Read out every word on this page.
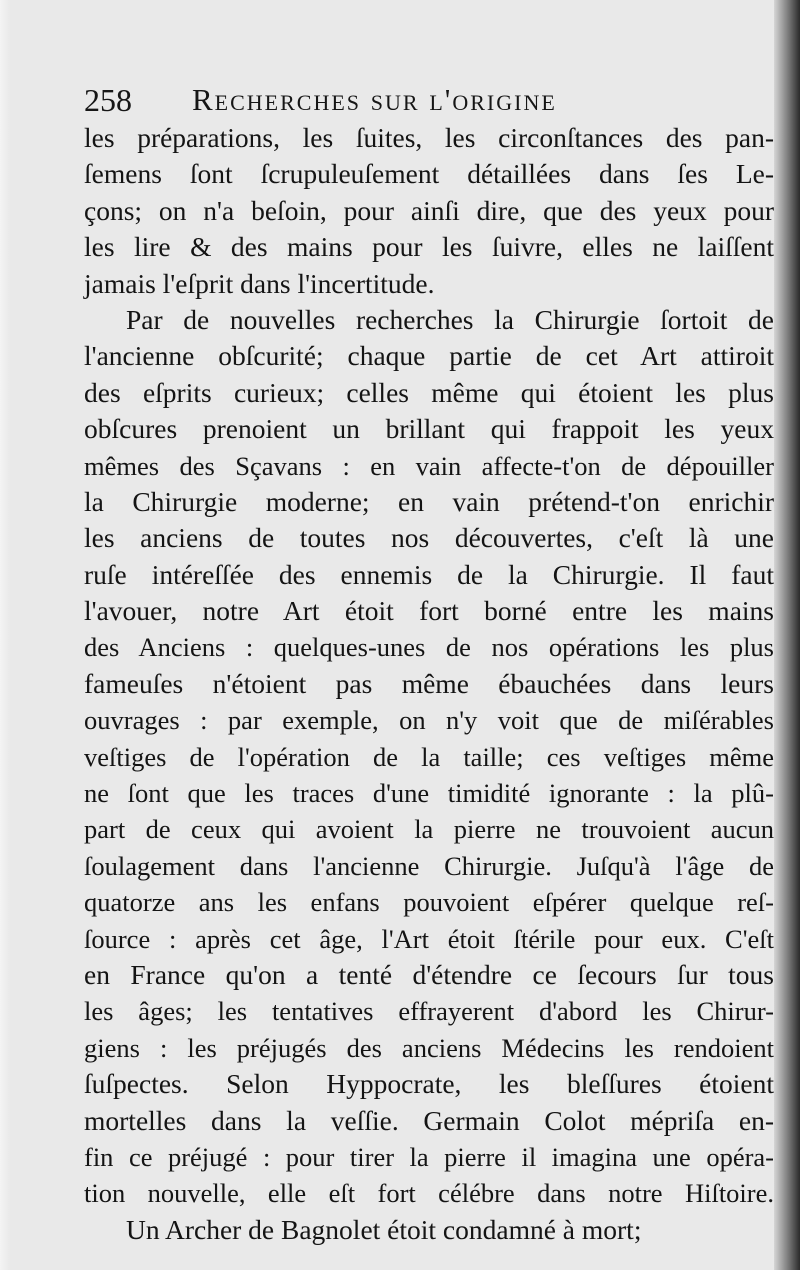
258 Recherches sur l'origine
les préparations, les ſuites, les circonſtances des pan-
ſemens ſont ſcrupuleuſement détaillées dans ſes Le-
çons; on n'a beſoin, pour ainſi dire, que des yeux pour
les lire & des mains pour les ſuivre, elles ne laiſſent
jamais l'eſprit dans l'incertitude.
Par de nouvelles recherches la Chirurgie ſortoit de
l'ancienne obſcurité; chaque partie de cet Art attiroit
des eſprits curieux; celles même qui étoient les plus
obſcures prenoient un brillant qui frappoit les yeux
mêmes des Sçavans : en vain affecte-t'on de dépouiller
la Chirurgie moderne; en vain prétend-t'on enrichir
les anciens de toutes nos découvertes, c'eſt là une
ruſe intéreſſée des ennemis de la Chirurgie. Il faut
l'avouer, notre Art étoit fort borné entre les mains
des Anciens : quelques-unes de nos opérations les plus
fameuſes n'étoient pas même ébauchées dans leurs
ouvrages : par exemple, on n'y voit que de miſérables
veſtiges de l'opération de la taille; ces veſtiges même
ne ſont que les traces d'une timidité ignorante : la plû-
part de ceux qui avoient la pierre ne trouvoient aucun
ſoulagement dans l'ancienne Chirurgie. Juſqu'à l'âge de
quatorze ans les enfans pouvoient eſpérer quelque reſ-
ſource : après cet âge, l'Art étoit ſtérile pour eux. C'eſt
en France qu'on a tenté d'étendre ce ſecours ſur tous
les âges; les tentatives effrayerent d'abord les Chirur-
giens : les préjugés des anciens Médecins les rendoient
ſuſpectes. Selon Hyppocrate, les bleſſures étoient
mortelles dans la veſſie. Germain Colot mépriſa en-
fin ce préjugé : pour tirer la pierre il imagina une opéra-
tion nouvelle, elle eſt fort célébre dans notre Hiſtoire.
Un Archer de Bagnolet étoit condamné à mort;
